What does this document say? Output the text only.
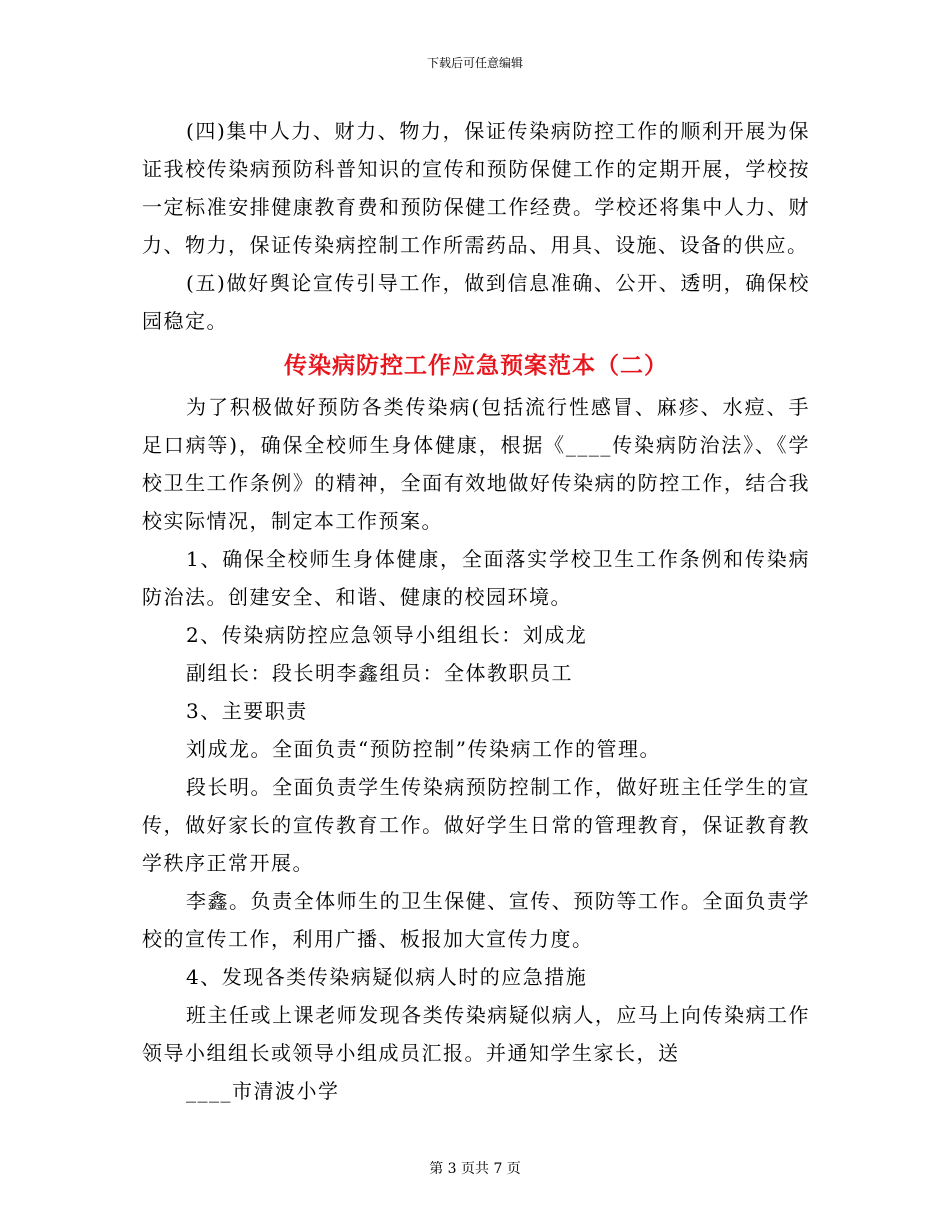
下载后可任意编辑

(四)集中人力、财力、物力，保证传染病防控工作的顺利开展为保证我校传染病预防科普知识的宣传和预防保健工作的定期开展，学校按一定标准安排健康教育费和预防保健工作经费。学校还将集中人力、财力、物力，保证传染病控制工作所需药品、用具、设施、设备的供应。

(五)做好舆论宣传引导工作，做到信息准确、公开、透明，确保校园稳定。

传染病防控工作应急预案范本（二）

为了积极做好预防各类传染病(包括流行性感冒、麻疹、水痘、手足口病等)，确保全校师生身体健康，根据《____传染病防治法》、《学校卫生工作条例》的精神，全面有效地做好传染病的防控工作，结合我校实际情况，制定本工作预案。

1、确保全校师生身体健康，全面落实学校卫生工作条例和传染病防治法。创建安全、和谐、健康的校园环境。

2、传染病防控应急领导小组组长：刘成龙

副组长：段长明李鑫组员：全体教职员工

3、主要职责

刘成龙。全面负责“预防控制”传染病工作的管理。

段长明。全面负责学生传染病预防控制工作，做好班主任学生的宣传，做好家长的宣传教育工作。做好学生日常的管理教育，保证教育教学秩序正常开展。

李鑫。负责全体师生的卫生保健、宣传、预防等工作。全面负责学校的宣传工作，利用广播、板报加大宣传力度。

4、发现各类传染病疑似病人时的应急措施

班主任或上课老师发现各类传染病疑似病人，应马上向传染病工作领导小组组长或领导小组成员汇报。并通知学生家长，送

____市清波小学

第 3 页共 7 页
